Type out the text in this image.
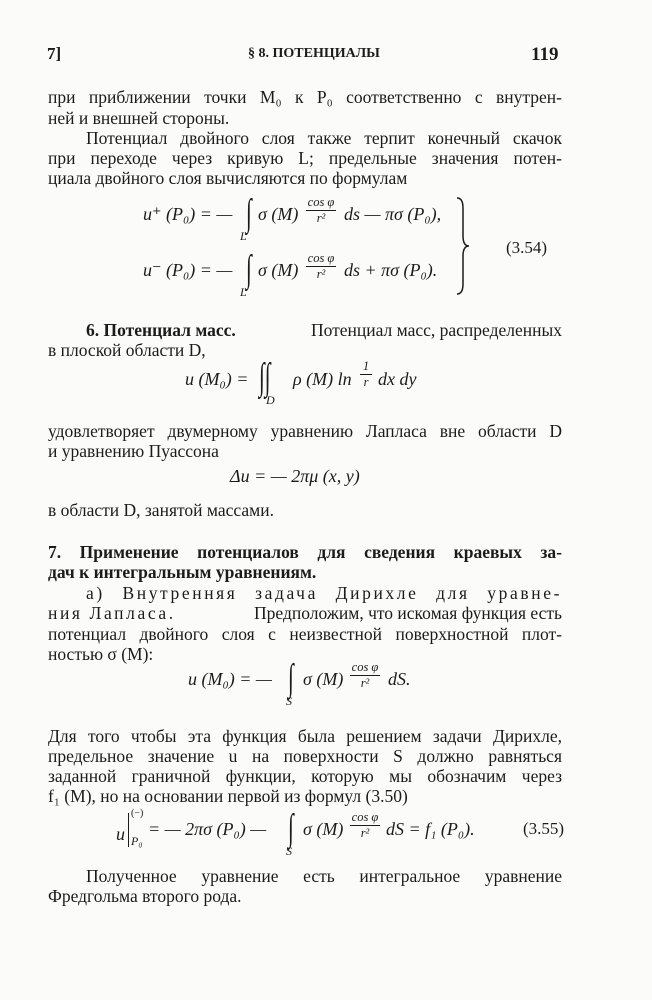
7]	§ 8. ПОТЕНЦИАЛЫ	119
при приближении точки M₀ к P₀ соответственно с внутрен-
ней и внешней стороны.
Потенциал двойного слоя также терпит конечный скачок
при переходе через кривую L; предельные значения потен-
циала двойного слоя вычисляются по формулам
u⁺ (P₀) = — ∫
L
σ (M)
cos φ
r²	ds — πσ (P₀),
u⁻ (P₀) = — ∫
L
σ (M)
cos φ
r²	ds + πσ (P₀).
(3.54)
6. Потенциал масс.	Потенциал масс, распределенных
в плоской области D,
u (M₀) = ∫∫
D
ρ (M) ln
1
r dx dy
удовлетворяет двумерному уравнению Лапласа вне области D
и уравнению Пуассона
Δu = — 2πμ (x, y)
в области D, занятой массами.
7. Применение потенциалов для сведения краевых за-
дач к интегральным уравнениям.
а) Внутренняя задача Дирихле для уравне-
ния Лапласа.	Предположим, что искомая функция есть
потенциал двойного слоя с неизвестной поверхностной плот-
ностью σ (M):
u (M₀) = — ∫
S
σ (M)
cos φ
r²	dS.
Для того чтобы эта функция была решением задачи Дирихле,
предельное значение u на поверхности S должно равняться
заданной граничной функции, которую мы обозначим через
f₁ (M), но на основании первой из формул (3.50)
u
(−)
P₀
= — 2πσ (P₀) — ∫
S
σ (M)
cos φ
r² dS = f₁ (P₀).	(3.55)
Полученное уравнение есть интегральное уравнение
Фредгольма второго рода.
